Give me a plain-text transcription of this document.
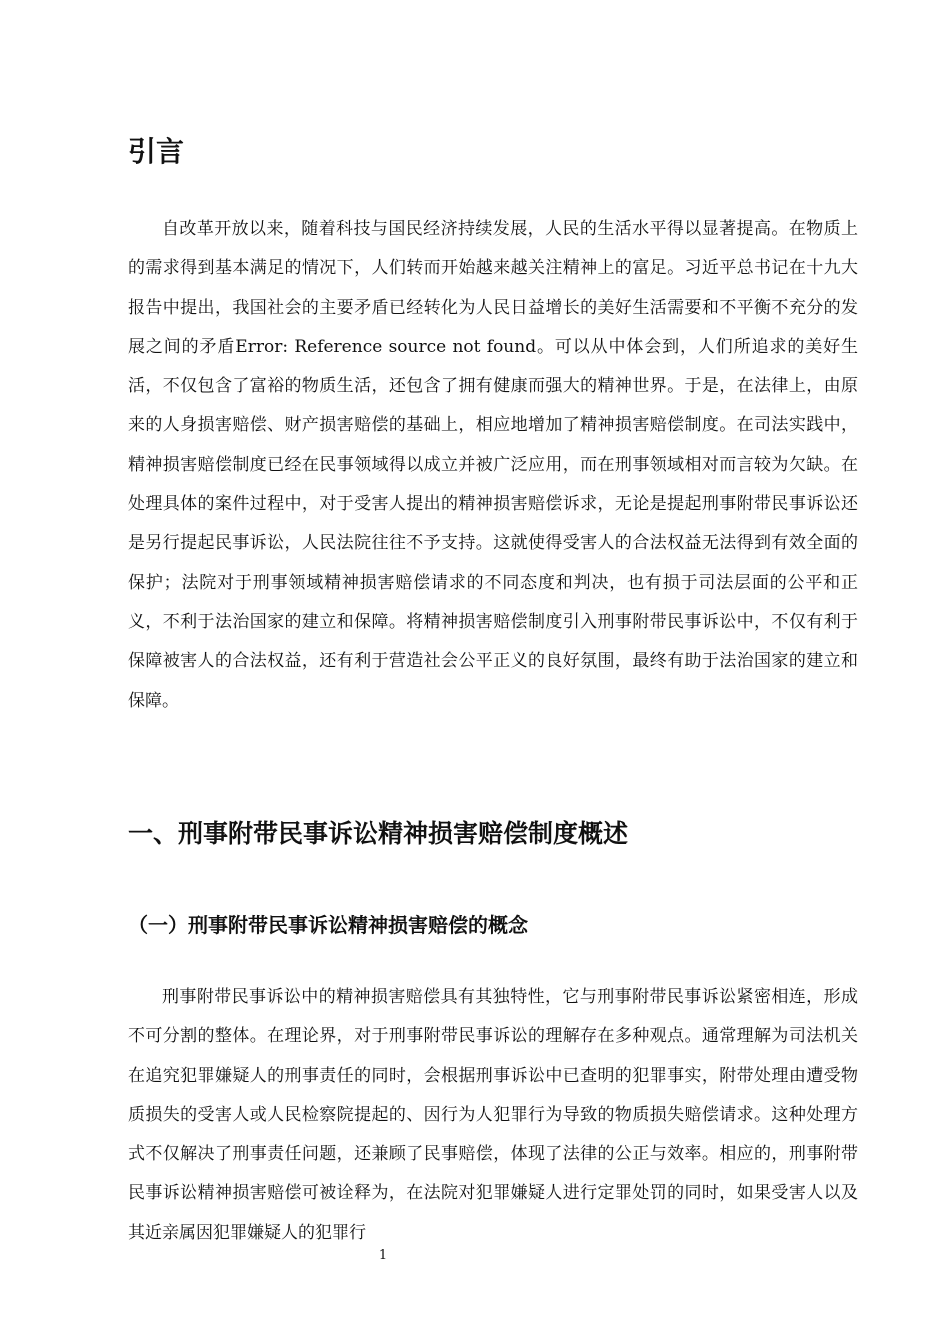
引言

自改革开放以来，随着科技与国民经济持续发展，人民的生活水平得以显著提高。在物质上的需求得到基本满足的情况下，人们转而开始越来越关注精神上的富足。习近平总书记在十九大报告中提出，我国社会的主要矛盾已经转化为人民日益增长的美好生活需要和不平衡不充分的发展之间的矛盾Error: Reference source not found。可以从中体会到，人们所追求的美好生活，不仅包含了富裕的物质生活，还包含了拥有健康而强大的精神世界。于是，在法律上，由原来的人身损害赔偿、财产损害赔偿的基础上，相应地增加了精神损害赔偿制度。在司法实践中，精神损害赔偿制度已经在民事领域得以成立并被广泛应用，而在刑事领域相对而言较为欠缺。在处理具体的案件过程中，对于受害人提出的精神损害赔偿诉求，无论是提起刑事附带民事诉讼还是另行提起民事诉讼，人民法院往往不予支持。这就使得受害人的合法权益无法得到有效全面的保护；法院对于刑事领域精神损害赔偿请求的不同态度和判决，也有损于司法层面的公平和正义，不利于法治国家的建立和保障。将精神损害赔偿制度引入刑事附带民事诉讼中，不仅有利于保障被害人的合法权益，还有利于营造社会公平正义的良好氛围，最终有助于法治国家的建立和保障。

一、刑事附带民事诉讼精神损害赔偿制度概述
（一）刑事附带民事诉讼精神损害赔偿的概念

刑事附带民事诉讼中的精神损害赔偿具有其独特性，它与刑事附带民事诉讼紧密相连，形成不可分割的整体。在理论界，对于刑事附带民事诉讼的理解存在多种观点。通常理解为司法机关在追究犯罪嫌疑人的刑事责任的同时，会根据刑事诉讼中已查明的犯罪事实，附带处理由遭受物质损失的受害人或人民检察院提起的、因行为人犯罪行为导致的物质损失赔偿请求。这种处理方式不仅解决了刑事责任问题，还兼顾了民事赔偿，体现了法律的公正与效率。相应的，刑事附带民事诉讼精神损害赔偿可被诠释为，在法院对犯罪嫌疑人进行定罪处罚的同时，如果受害人以及其近亲属因犯罪嫌疑人的犯罪行

1
